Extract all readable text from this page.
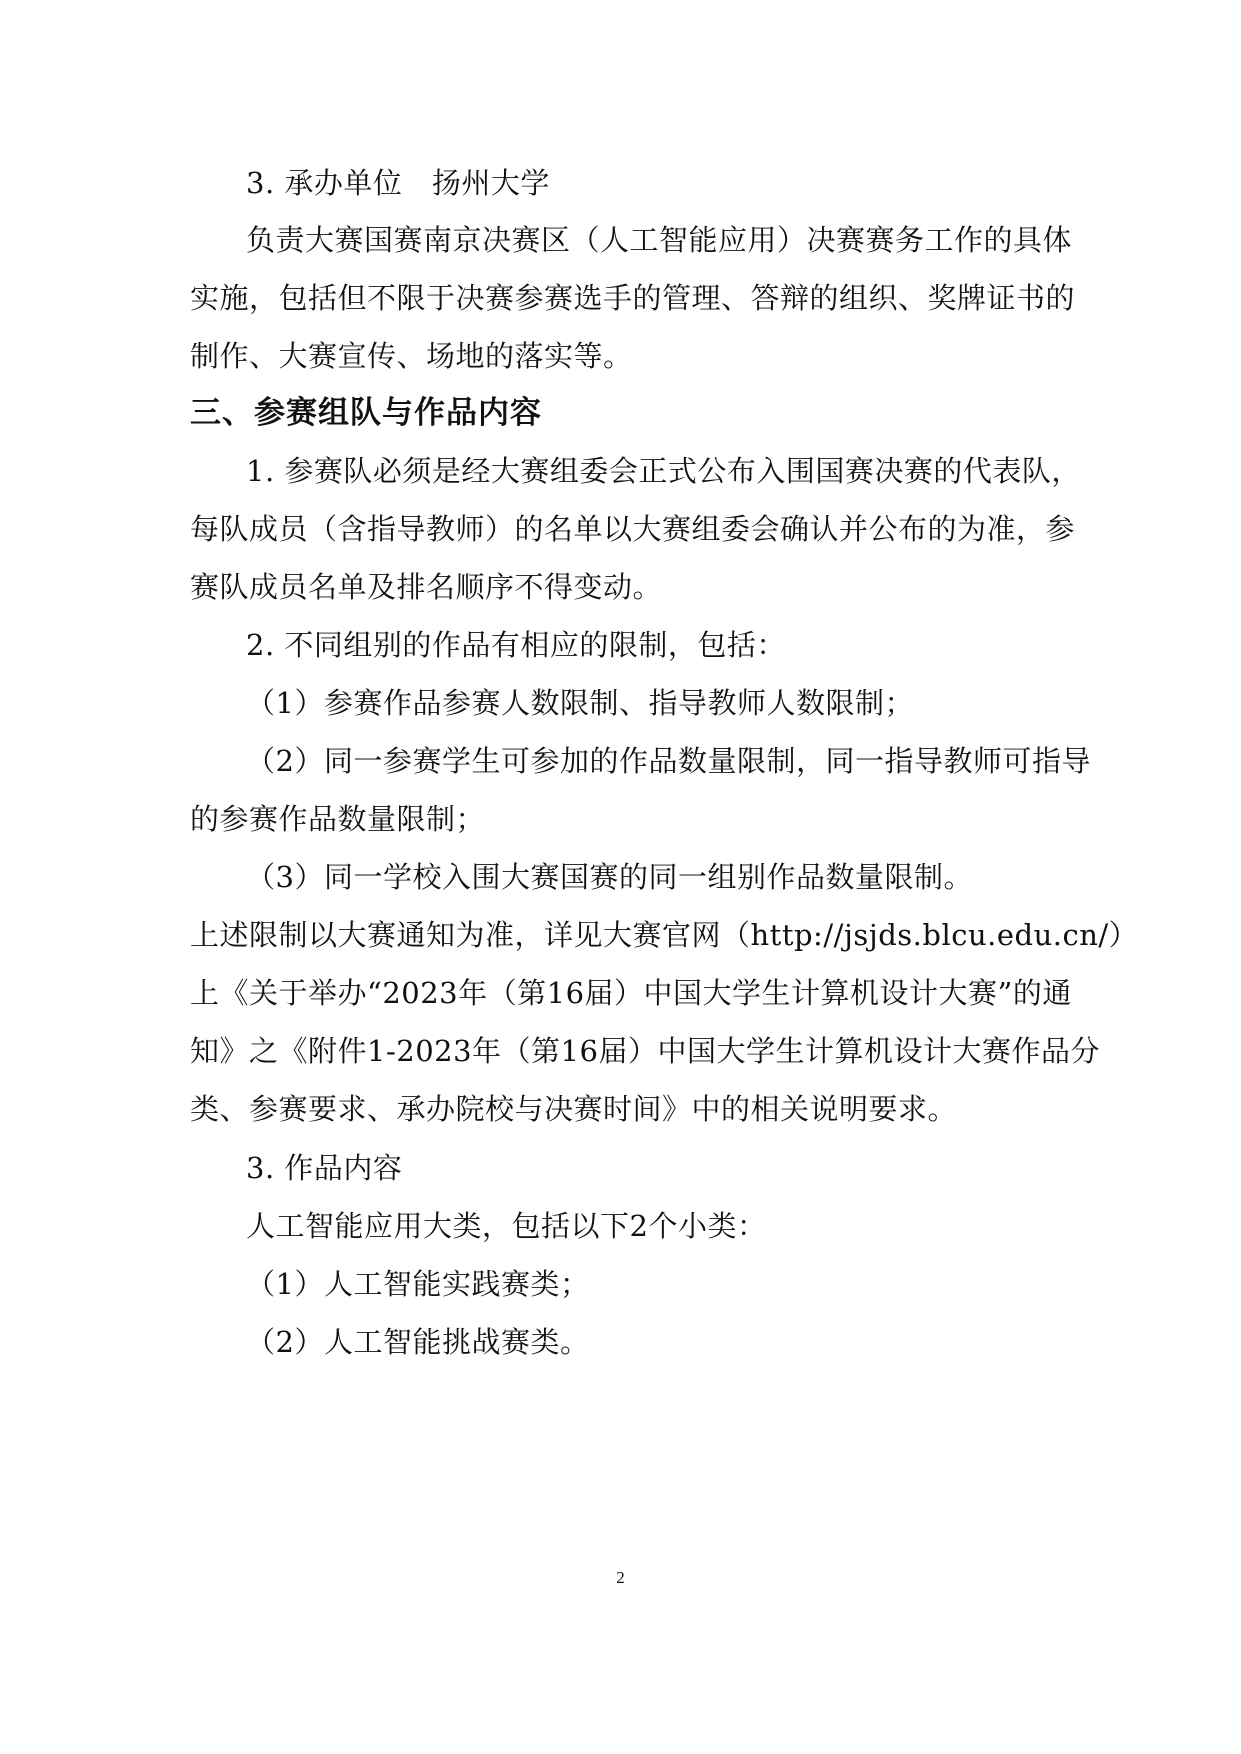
3. 承办单位　扬州大学
负责大赛国赛南京决赛区（人工智能应用）决赛赛务工作的具体
实施，包括但不限于决赛参赛选手的管理、答辩的组织、奖牌证书的
制作、大赛宣传、场地的落实等。
三、参赛组队与作品内容
1. 参赛队必须是经大赛组委会正式公布入围国赛决赛的代表队，
每队成员（含指导教师）的名单以大赛组委会确认并公布的为准，参
赛队成员名单及排名顺序不得变动。
2. 不同组别的作品有相应的限制，包括：
（1）参赛作品参赛人数限制、指导教师人数限制；
（2）同一参赛学生可参加的作品数量限制，同一指导教师可指导
的参赛作品数量限制；
（3）同一学校入围大赛国赛的同一组别作品数量限制。
上述限制以大赛通知为准，详见大赛官网（http://jsjds.blcu.edu.cn/）
上《关于举办“2023年（第16届）中国大学生计算机设计大赛”的通
知》之《附件1-2023年（第16届）中国大学生计算机设计大赛作品分
类、参赛要求、承办院校与决赛时间》中的相关说明要求。
3. 作品内容
人工智能应用大类，包括以下2个小类：
（1）人工智能实践赛类；
（2）人工智能挑战赛类。
2
